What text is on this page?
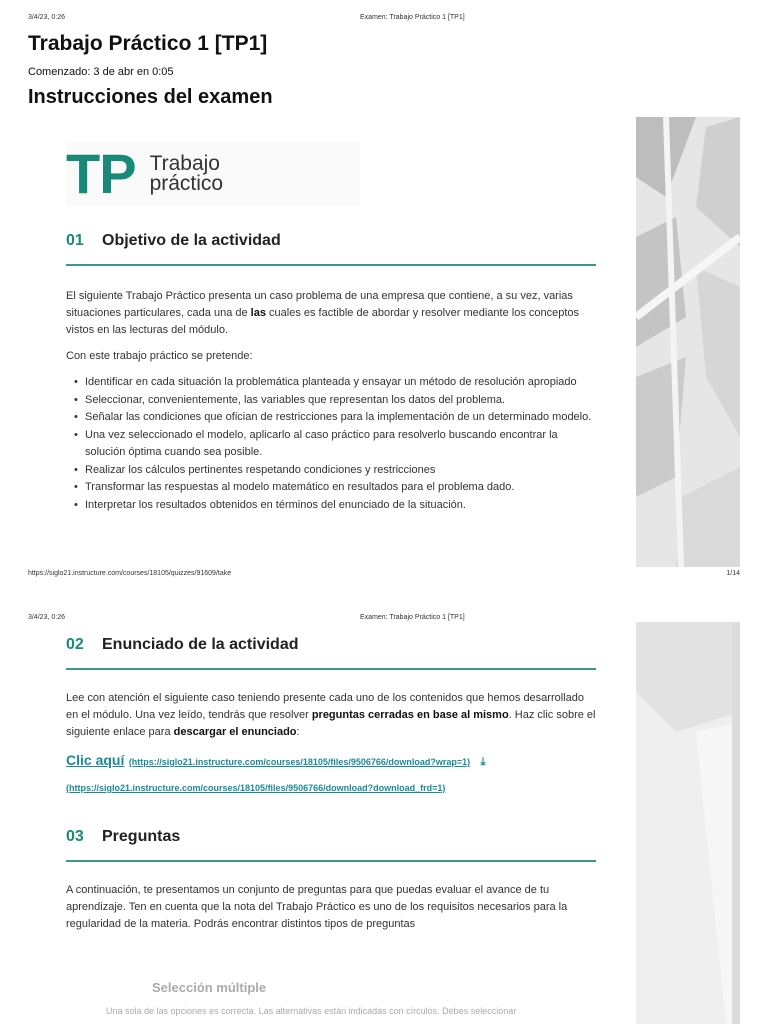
3/4/23, 0:26	Examen: Trabajo Práctico 1 [TP1]
Trabajo Práctico 1 [TP1]
Comenzado: 3 de abr en 0:05
Instrucciones del examen
TP Trabajo
práctico
01	Objetivo de la actividad

El siguiente Trabajo Práctico presenta un caso problema de una empresa que contiene, a su vez, varias situaciones particulares, cada una de las cuales es factible de abordar y resolver mediante los conceptos vistos en las lecturas del módulo.

Con este trabajo práctico se pretende:

• Identificar en cada situación la problemática planteada y ensayar un método de resolución apropiado
• Seleccionar, convenientemente, las variables que representan los datos del problema.
• Señalar las condiciones que ofician de restricciones para la implementación de un determinado modelo.
• Una vez seleccionado el modelo, aplicarlo al caso práctico para resolverlo buscando encontrar la solución óptima cuando sea posible.
• Realizar los cálculos pertinentes respetando condiciones y restricciones
• Transformar las respuestas al modelo matemático en resultados para el problema dado.
• Interpretar los resultados obtenidos en términos del enunciado de la situación.
https://siglo21.instructure.com/courses/18105/quizzes/91609/take	1/14
3/4/23, 0:26	Examen: Trabajo Práctico 1 [TP1]
02	Enunciado de la actividad

Lee con atención el siguiente caso teniendo presente cada uno de los contenidos que hemos desarrollado en el módulo. Una vez leído, tendrás que resolver preguntas cerradas en base al mismo. Haz clic sobre el siguiente enlace para descargar el enunciado:

Clic aquí (https://siglo21.instructure.com/courses/18105/files/9506766/download?wrap=1) ⤓
(https://siglo21.instructure.com/courses/18105/files/9506766/download?download_frd=1)
03	Preguntas

A continuación, te presentamos un conjunto de preguntas para que puedas evaluar el avance de tu aprendizaje. Ten en cuenta que la nota del Trabajo Práctico es uno de los requisitos necesarios para la regularidad de la materia. Podrás encontrar distintos tipos de preguntas

Selección múltiple
Una sola de las opciones es correcta. Las alternativas están indicadas con círculos. Debes seleccionar
